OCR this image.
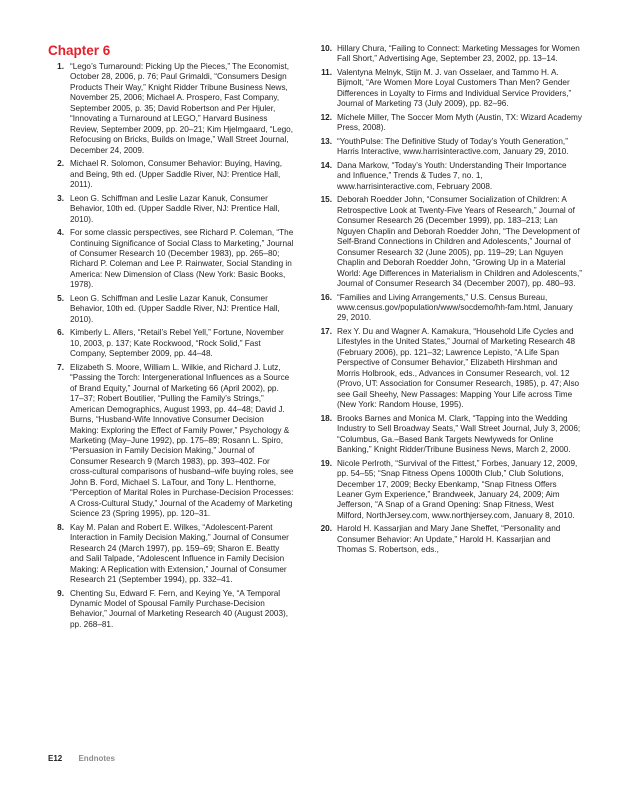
Chapter 6
1. “Lego’s Turnaround: Picking Up the Pieces,” The Economist, October 28, 2006, p. 76; Paul Grimaldi, “Consumers Design Products Their Way,” Knight Ridder Tribune Business News, November 25, 2006; Michael A. Prospero, Fast Company, September 2005, p. 35; David Robertson and Per Hjuler, “Innovating a Turnaround at LEGO,” Harvard Business Review, September 2009, pp. 20–21; Kim Hjelmgaard, “Lego, Refocusing on Bricks, Builds on Image,” Wall Street Journal, December 24, 2009.
2. Michael R. Solomon, Consumer Behavior: Buying, Having, and Being, 9th ed. (Upper Saddle River, NJ: Prentice Hall, 2011).
3. Leon G. Schiffman and Leslie Lazar Kanuk, Consumer Behavior, 10th ed. (Upper Saddle River, NJ: Prentice Hall, 2010).
4. For some classic perspectives, see Richard P. Coleman, “The Continuing Significance of Social Class to Marketing,” Journal of Consumer Research 10 (December 1983), pp. 265–80; Richard P. Coleman and Lee P. Rainwater, Social Standing in America: New Dimension of Class (New York: Basic Books, 1978).
5. Leon G. Schiffman and Leslie Lazar Kanuk, Consumer Behavior, 10th ed. (Upper Saddle River, NJ: Prentice Hall, 2010).
6. Kimberly L. Allers, “Retail’s Rebel Yell,” Fortune, November 10, 2003, p. 137; Kate Rockwood, “Rock Solid,” Fast Company, September 2009, pp. 44–48.
7. Elizabeth S. Moore, William L. Wilkie, and Richard J. Lutz, “Passing the Torch: Intergenerational Influences as a Source of Brand Equity,” Journal of Marketing 66 (April 2002), pp. 17–37; Robert Boutilier, “Pulling the Family’s Strings,” American Demographics, August 1993, pp. 44–48; David J. Burns, “Husband-Wife Innovative Consumer Decision Making: Exploring the Effect of Family Power,” Psychology & Marketing (May–June 1992), pp. 175–89; Rosann L. Spiro, “Persuasion in Family Decision Making,” Journal of Consumer Research 9 (March 1983), pp. 393–402. For cross-cultural comparisons of husband–wife buying roles, see John B. Ford, Michael S. LaTour, and Tony L. Henthorne, “Perception of Marital Roles in Purchase-Decision Processes: A Cross-Cultural Study,” Journal of the Academy of Marketing Science 23 (Spring 1995), pp. 120–31.
8. Kay M. Palan and Robert E. Wilkes, “Adolescent-Parent Interaction in Family Decision Making,” Journal of Consumer Research 24 (March 1997), pp. 159–69; Sharon E. Beatty and Salil Talpade, “Adolescent Influence in Family Decision Making: A Replication with Extension,” Journal of Consumer Research 21 (September 1994), pp. 332–41.
9. Chenting Su, Edward F. Fern, and Keying Ye, “A Temporal Dynamic Model of Spousal Family Purchase-Decision Behavior,” Journal of Marketing Research 40 (August 2003), pp. 268–81.
10. Hillary Chura, “Failing to Connect: Marketing Messages for Women Fall Short,” Advertising Age, September 23, 2002, pp. 13–14.
11. Valentyna Melnyk, Stijn M. J. van Osselaer, and Tammo H. A. Bijmolt, “Are Women More Loyal Customers Than Men? Gender Differences in Loyalty to Firms and Individual Service Providers,” Journal of Marketing 73 (July 2009), pp. 82–96.
12. Michele Miller, The Soccer Mom Myth (Austin, TX: Wizard Academy Press, 2008).
13. “YouthPulse: The Definitive Study of Today’s Youth Generation,” Harris Interactive, www.harrisinteractive.com, January 29, 2010.
14. Dana Markow, “Today’s Youth: Understanding Their Importance and Influence,” Trends & Tudes 7, no. 1, www.harrisinteractive.com, February 2008.
15. Deborah Roedder John, “Consumer Socialization of Children: A Retrospective Look at Twenty-Five Years of Research,” Journal of Consumer Research 26 (December 1999), pp. 183–213; Lan Nguyen Chaplin and Deborah Roedder John, “The Development of Self-Brand Connections in Children and Adolescents,” Journal of Consumer Research 32 (June 2005), pp. 119–29; Lan Nguyen Chaplin and Deborah Roedder John, “Growing Up in a Material World: Age Differences in Materialism in Children and Adolescents,” Journal of Consumer Research 34 (December 2007), pp. 480–93.
16. “Families and Living Arrangements,” U.S. Census Bureau, www.census.gov/population/www/socdemo/hh-fam.html, January 29, 2010.
17. Rex Y. Du and Wagner A. Kamakura, “Household Life Cycles and Lifestyles in the United States,” Journal of Marketing Research 48 (February 2006), pp. 121–32; Lawrence Lepisto, “A Life Span Perspective of Consumer Behavior,” Elizabeth Hirshman and Morris Holbrook, eds., Advances in Consumer Research, vol. 12 (Provo, UT: Association for Consumer Research, 1985), p. 47; Also see Gail Sheehy, New Passages: Mapping Your Life across Time (New York: Random House, 1995).
18. Brooks Barnes and Monica M. Clark, “Tapping into the Wedding Industry to Sell Broadway Seats,” Wall Street Journal, July 3, 2006; “Columbus, Ga.–Based Bank Targets Newlyweds for Online Banking,” Knight Ridder/Tribune Business News, March 2, 2000.
19. Nicole Perlroth, “Survival of the Fittest,” Forbes, January 12, 2009, pp. 54–55; “Snap Fitness Opens 1000th Club,” Club Solutions, December 17, 2009; Becky Ebenkamp, “Snap Fitness Offers Leaner Gym Experience,” Brandweek, January 24, 2009; Aim Jefferson, “A Snap of a Grand Opening: Snap Fitness, West Milford, NorthJersey.com, www.northjersey.com, January 8, 2010.
20. Harold H. Kassarjian and Mary Jane Sheffet, “Personality and Consumer Behavior: An Update,” Harold H. Kassarjian and Thomas S. Robertson, eds.,
E12 Endnotes
